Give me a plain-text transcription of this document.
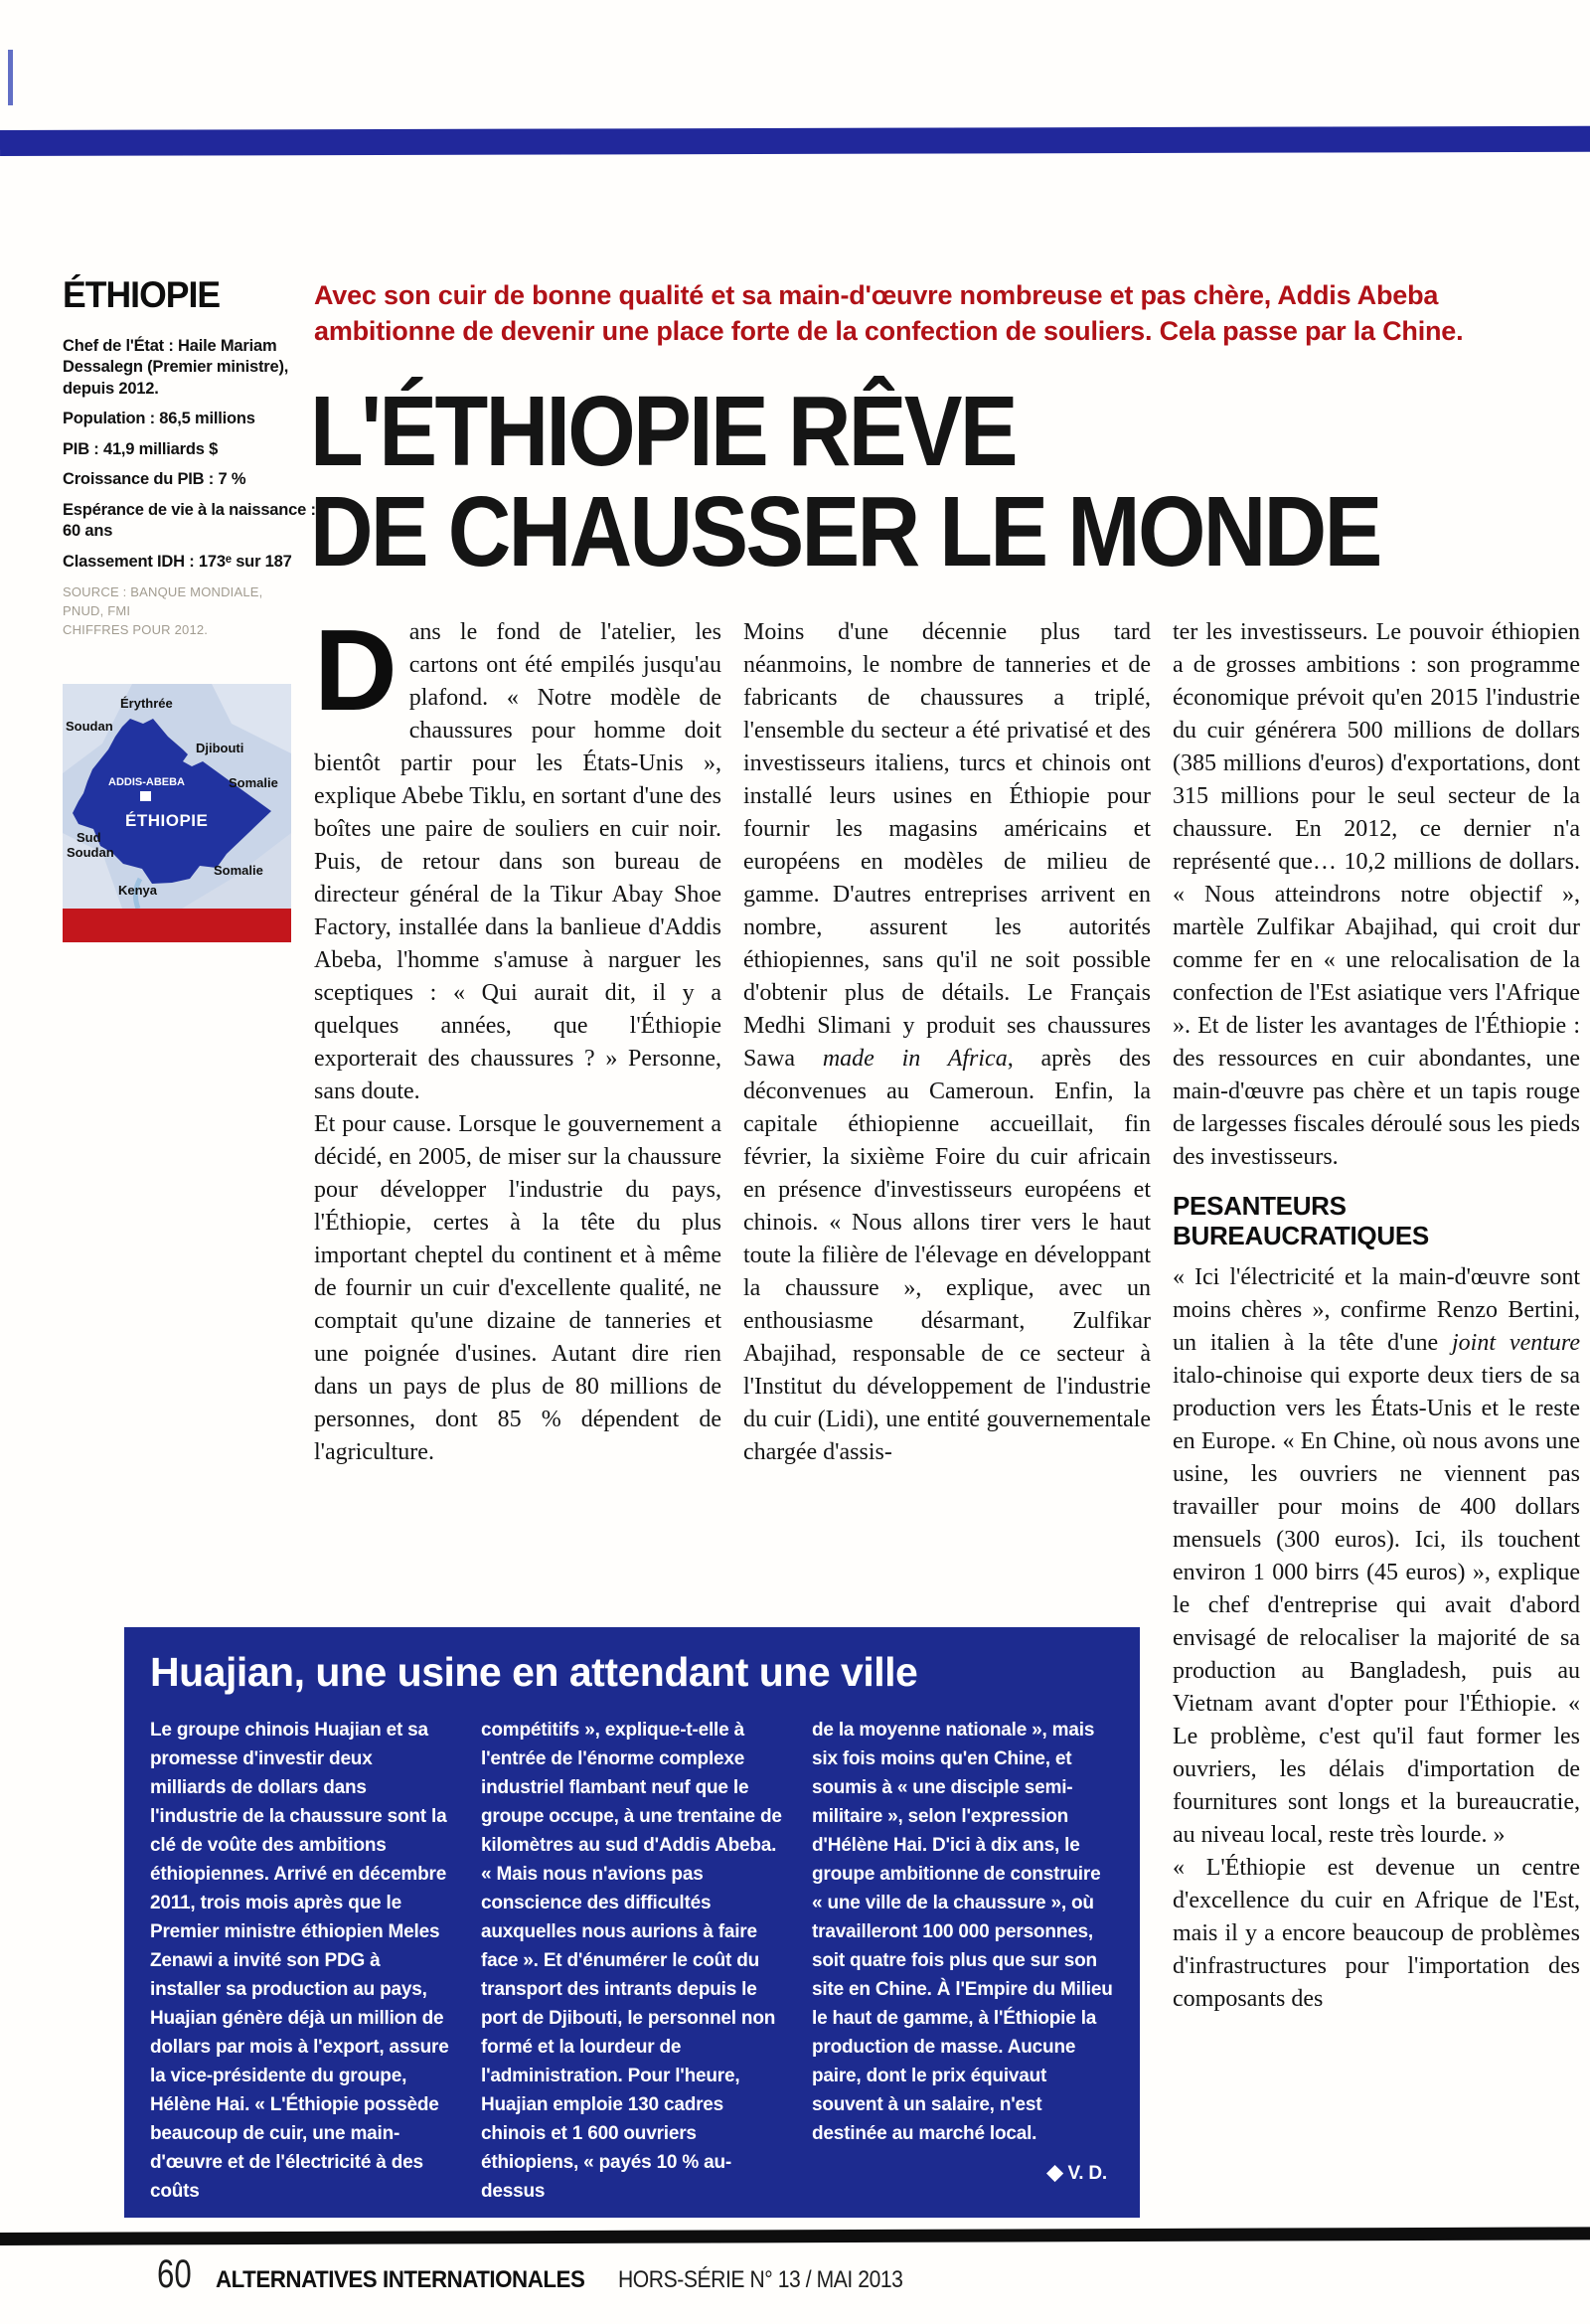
ÉTHIOPIE

Chef de l'État : Haile Mariam Dessalegn (Premier ministre), depuis 2012.

Population : 86,5 millions

PIB : 41,9 milliards $

Croissance du PIB : 7 %

Espérance de vie à la naissance : 60 ans

Classement IDH : 173ᵉ sur 187

SOURCE : BANQUE MONDIALE,
PNUD, FMI
CHIFFRES POUR 2012.
Érythrée
Soudan
Djibouti
Somalie
ADDIS-ABEBA
ÉTHIOPIE
Sud
Soudan
Somalie
Kenya

Avec son cuir de bonne qualité et sa main-d'œuvre nombreuse et pas chère, Addis Abeba ambitionne de devenir une place forte de la confection de souliers. Cela passe par la Chine.

L'ÉTHIOPIE RÊVE
DE CHAUSSER LE MONDE

Dans le fond de l'atelier, les cartons ont été empilés jusqu'au plafond. « Notre modèle de chaussures pour homme doit bientôt partir pour les États-Unis », explique Abebe Tiklu, en sortant d'une des boîtes une paire de souliers en cuir noir. Puis, de retour dans son bureau de directeur général de la Tikur Abay Shoe Factory, installée dans la banlieue d'Addis Abeba, l'homme s'amuse à narguer les sceptiques : « Qui aurait dit, il y a quelques années, que l'Éthiopie exporterait des chaussures ? » Personne, sans doute.

Et pour cause. Lorsque le gouvernement a décidé, en 2005, de miser sur la chaussure pour développer l'industrie du pays, l'Éthiopie, certes à la tête du plus important cheptel du continent et à même de fournir un cuir d'excellente qualité, ne comptait qu'une dizaine de tanneries et une poignée d'usines. Autant dire rien dans un pays de plus de 80 millions de personnes, dont 85 % dépendent de l'agriculture.

Moins d'une décennie plus tard néanmoins, le nombre de tanneries et de fabricants de chaussures a triplé, l'ensemble du secteur a été privatisé et des investisseurs italiens, turcs et chinois ont installé leurs usines en Éthiopie pour fournir les magasins américains et européens en modèles de milieu de gamme. D'autres entreprises arrivent en nombre, assurent les autorités éthiopiennes, sans qu'il ne soit possible d'obtenir plus de détails. Le Français Medhi Slimani y produit ses chaussures Sawa made in Africa, après des déconvenues au Cameroun. Enfin, la capitale éthiopienne accueillait, fin février, la sixième Foire du cuir africain en présence d'investisseurs européens et chinois. « Nous allons tirer vers le haut toute la filière de l'élevage en développant la chaussure », explique, avec un enthousiasme désarmant, Zulfikar Abajihad, responsable de ce secteur à l'Institut du développement de l'industrie du cuir (Lidi), une entité gouvernementale chargée d'assis-

ter les investisseurs. Le pouvoir éthiopien a de grosses ambitions : son programme économique prévoit qu'en 2015 l'industrie du cuir générera 500 millions de dollars (385 millions d'euros) d'exportations, dont 315 millions pour le seul secteur de la chaussure. En 2012, ce dernier n'a représenté que… 10,2 millions de dollars. « Nous atteindrons notre objectif », martèle Zulfikar Abajihad, qui croit dur comme fer en « une relocalisation de la confection de l'Est asiatique vers l'Afrique ». Et de lister les avantages de l'Éthiopie : des ressources en cuir abondantes, une main-d'œuvre pas chère et un tapis rouge de largesses fiscales déroulé sous les pieds des investisseurs.

PESANTEURS BUREAUCRATIQUES

« Ici l'électricité et la main-d'œuvre sont moins chères », confirme Renzo Bertini, un italien à la tête d'une joint venture italo-chinoise qui exporte deux tiers de sa production vers les États-Unis et le reste en Europe. « En Chine, où nous avons une usine, les ouvriers ne viennent pas travailler pour moins de 400 dollars mensuels (300 euros). Ici, ils touchent environ 1 000 birrs (45 euros) », explique le chef d'entreprise qui avait d'abord envisagé de relocaliser la majorité de sa production au Bangladesh, puis au Vietnam avant d'opter pour l'Éthiopie. « Le problème, c'est qu'il faut former les ouvriers, les délais d'importation de fournitures sont longs et la bureaucratie, au niveau local, reste très lourde. »

« L'Éthiopie est devenue un centre d'excellence du cuir en Afrique de l'Est, mais il y a encore beaucoup de problèmes d'infrastructures pour l'importation des composants des

Huajian, une usine en attendant une ville

Le groupe chinois Huajian et sa promesse d'investir deux milliards de dollars dans l'industrie de la chaussure sont la clé de voûte des ambitions éthiopiennes. Arrivé en décembre 2011, trois mois après que le Premier ministre éthiopien Meles Zenawi a invité son PDG à installer sa production au pays, Huajian génère déjà un million de dollars par mois à l'export, assure la vice-présidente du groupe, Hélène Hai. « L'Éthiopie possède beaucoup de cuir, une main-d'œuvre et de l'électricité à des coûts

compétitifs », explique-t-elle à l'entrée de l'énorme complexe industriel flambant neuf que le groupe occupe, à une trentaine de kilomètres au sud d'Addis Abeba. « Mais nous n'avions pas conscience des difficultés auxquelles nous aurions à faire face ». Et d'énumérer le coût du transport des intrants depuis le port de Djibouti, le personnel non formé et la lourdeur de l'administration. Pour l'heure, Huajian emploie 130 cadres chinois et 1 600 ouvriers éthiopiens, « payés 10 % au-dessus

de la moyenne nationale », mais six fois moins qu'en Chine, et soumis à « une disciple semi-militaire », selon l'expression d'Hélène Hai. D'ici à dix ans, le groupe ambitionne de construire « une ville de la chaussure », où travailleront 100 000 personnes, soit quatre fois plus que sur son site en Chine. À l'Empire du Milieu le haut de gamme, à l'Éthiopie la production de masse. Aucune paire, dont le prix équivaut souvent à un salaire, n'est destinée au marché local.

◆ V. D.

60 ALTERNATIVES INTERNATIONALES HORS-SÉRIE N° 13 / MAI 2013
